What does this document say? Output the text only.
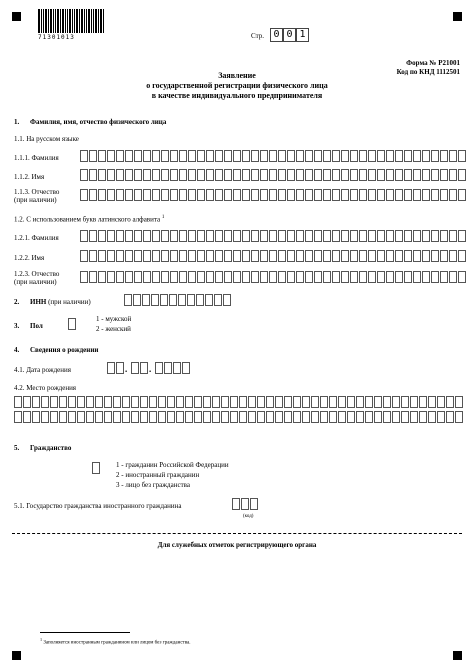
71301013	Стр. 0 0 1
Форма № Р21001
Код по КНД 1112501
Заявление
о государственной регистрации физического лица
в качестве индивидуального предпринимателя
1. Фамилия, имя, отчество физического лица
1.1. На русском языке
1.1.1. Фамилия
1.1.2. Имя
1.1.3. Отчество
(при наличии)
1.2. С использованием букв латинского алфавита $^1$
1.2.1. Фамилия
1.2.2. Имя
1.2.3. Отчество
(при наличии)
2. ИНН (при наличии)
3. Пол
1 - мужской
2 - женский
4. Сведения о рождении
4.1. Дата рождения	. .
4.2. Место рождения
5. Гражданство
1 - гражданин Российской Федерации
2 - иностранный гражданин
3 - лицо без гражданства
5.1. Государство гражданства иностранного гражданина
(код)
Для служебных отметок регистрирующего органа
$^1$ Заполняется иностранным гражданином или лицом без гражданства.
